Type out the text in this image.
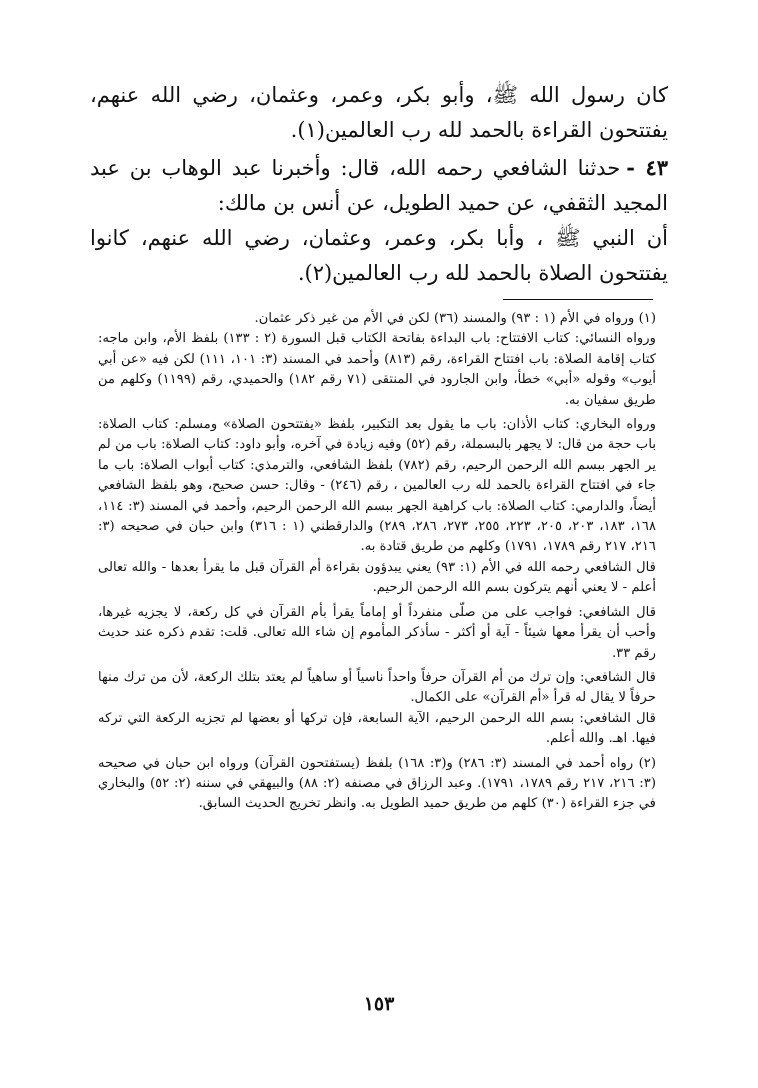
كان رسول الله ﷺ، وأبو بكر، وعمر، وعثمان، رضي الله عنهم، يفتتحون القراءة بالحمد لله رب العالمين(١).

٤٣ -حدثنا الشافعي رحمه الله، قال: وأخبرنا عبد الوهاب بن عبد المجيد الثقفي، عن حميد الطويل، عن أنس بن مالك:

أن النبي ﷺ ، وأبا بكر، وعمر، وعثمان، رضي الله عنهم، كانوا يفتتحون الصلاة بالحمد لله رب العالمين(٢).

(١) ورواه في الأم (١ : ٩٣) والمسند (٣٦) لكن في الأم من غير ذكر عثمان.

ورواه النسائي: كتاب الافتتاح: باب البداءة بفاتحة الكتاب قبل السورة (٢ : ١٣٣) بلفظ الأم، وابن ماجه: كتاب إقامة الصلاة: باب افتتاح القراءة، رقم (٨١٣) وأحمد في المسند (٣: ١٠١، ١١١) لكن فيه «عن أبي أيوب» وقوله «أبي» خطأ، وابن الجارود في المنتقى (٧١ رقم ١٨٢) والحميدي، رقم (١١٩٩) وكلهم من طريق سفيان به.

ورواه البخاري: كتاب الأذان: باب ما يقول بعد التكبير، بلفظ «يفتتحون الصلاة» ومسلم: كتاب الصلاة: باب حجة من قال: لا يجهر بالبسملة، رقم (٥٢) وفيه زيادة في آخره، وأبو داود: كتاب الصلاة: باب من لم ير الجهر ببسم الله الرحمن الرحيم، رقم (٧٨٢) بلفظ الشافعي، والترمذي: كتاب أبواب الصلاة: باب ما جاء في افتتاح القراءة بالحمد لله رب العالمين ، رقم (٢٤٦) - وقال: حسن صحيح، وهو بلفظ الشافعي أيضاً، والدارمي: كتاب الصلاة: باب كراهية الجهر ببسم الله الرحمن الرحيم، وأحمد في المسند (٣: ١١٤، ١٦٨، ١٨٣، ٢٠٣، ٢٠٥، ٢٢٣، ٢٥٥، ٢٧٣، ٢٨٦، ٢٨٩) والدارقطني (١ : ٣١٦) وابن حبان في صحيحه (٣: ٢١٦، ٢١٧ رقم ١٧٨٩، ١٧٩١) وكلهم من طريق قتادة به.

قال الشافعي رحمه الله في الأم (١: ٩٣) يعني يبدؤون بقراءة أم القرآن قبل ما يقرأ بعدها - والله تعالى أعلم - لا يعني أنهم يتركون بسم الله الرحمن الرحيم.

قال الشافعي: فواجب على من صلّى منفرداً أو إماماً يقرأ بأم القرآن في كل ركعة، لا يجزيه غيرها، وأحب أن يقرأ معها شيئاً - آية أو أكثر - سأذكر المأموم إن شاء الله تعالى. قلت: تقدم ذكره عند حديث رقم ٣٣.

قال الشافعي: وإن ترك من أم القرآن حرفاً واحداً ناسياً أو ساهياً لم يعتد بتلك الركعة، لأن من ترك منها حرفاً لا يقال له قرأ «أم القرآن» على الكمال.

قال الشافعي: بسم الله الرحمن الرحيم، الآية السابعة، فإن تركها أو بعضها لم تجزيه الركعة التي تركه فيها. اهـ. والله أعلم.

(٢) رواه أحمد في المسند (٣: ٢٨٦) و(٣: ١٦٨) بلفظ (يستفتحون القرآن) ورواه ابن حبان في صحيحه (٣: ٢١٦، ٢١٧ رقم ١٧٨٩، ١٧٩١). وعبد الرزاق في مصنفه (٢: ٨٨) والبيهقي في سننه (٢: ٥٢) والبخاري في جزء القراءة (٣٠) كلهم من طريق حميد الطويل به. وانظر تخريج الحديث السابق.

١٥٣
